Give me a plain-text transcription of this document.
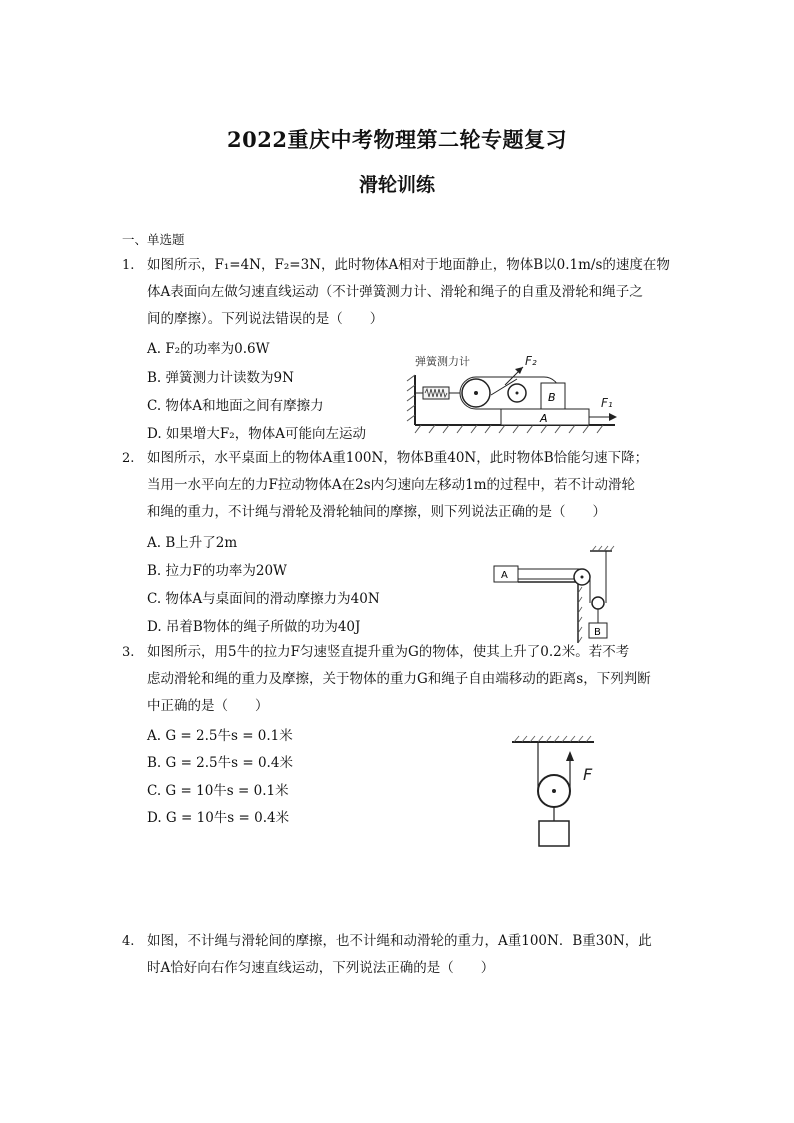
2022重庆中考物理第二轮专题复习
滑轮训练
一、单选题
1. 如图所示，F₁=4N，F₂=3N，此时物体A相对于地面静止，物体B以0.1m/s的速度在物
体A表面向左做匀速直线运动（不计弹簧测力计、滑轮和绳子的自重及滑轮和绳子之
间的摩擦）。下列说法错误的是（　　）
A. F₂的功率为0.6W
B. 弹簧测力计读数为9N
C. 物体A和地面之间有摩擦力
D. 如果增大F₂，物体A可能向左运动
弹簧测力计	F₂
B
A
F₁
2. 如图所示，水平桌面上的物体A重100N，物体B重40N，此时物体B恰能匀速下降；
当用一水平向左的力F拉动物体A在2s内匀速向左移动1m的过程中，若不计动滑轮
和绳的重力，不计绳与滑轮及滑轮轴间的摩擦，则下列说法正确的是（　　）
A. B上升了2m
B. 拉力F的功率为20W
C. 物体A与桌面间的滑动摩擦力为40N
D. 吊着B物体的绳子所做的功为40J
A
B
3. 如图所示，用5牛的拉力F匀速竖直提升重为G的物体，使其上升了0.2米。若不考
虑动滑轮和绳的重力及摩擦，关于物体的重力G和绳子自由端移动的距离s，下列判断
中正确的是（　　）
A. G = 2.5牛s = 0.1米
B. G = 2.5牛s = 0.4米
C. G = 10牛s = 0.1米
D. G = 10牛s = 0.4米
F
4. 如图，不计绳与滑轮间的摩擦，也不计绳和动滑轮的重力，A重100N．B重30N，此
时A恰好向右作匀速直线运动，下列说法正确的是（　　）
